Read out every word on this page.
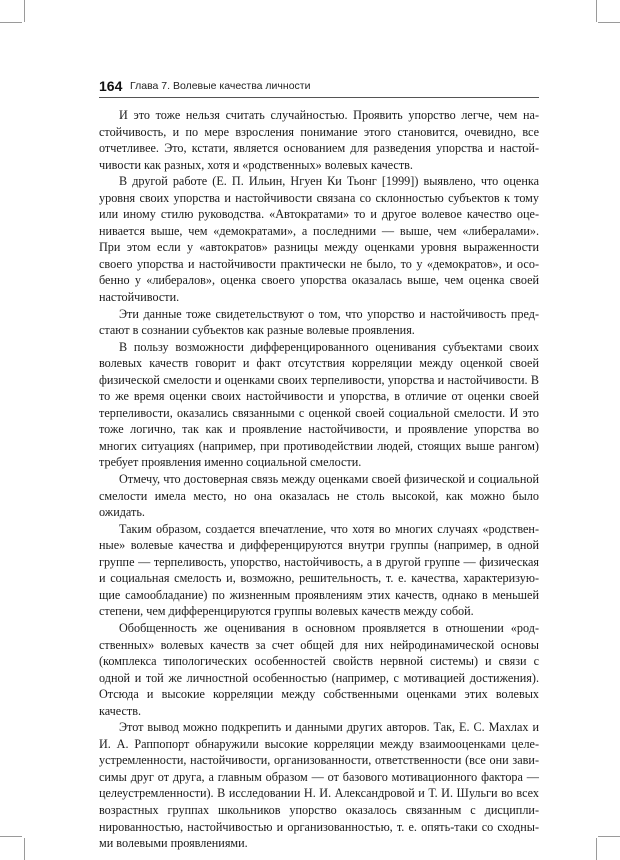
164 Глава 7. Волевые качества личности

И это тоже нельзя считать случайностью. Проявить упорство легче, чем настойчивость, и по мере взросления понимание этого становится, очевидно, все отчетливее. Это, кстати, является основанием для разведения упорства и настойчивости как разных, хотя и «родственных» волевых качеств.

В другой работе (Е. П. Ильин, Нгуен Ки Тьонг [1999]) выявлено, что оценка уровня своих упорства и настойчивости связана со склонностью субъектов к тому или иному стилю руководства. «Автократами» то и другое волевое качество оценивается выше, чем «демократами», а последними — выше, чем «либералами». При этом если у «автократов» разницы между оценками уровня выраженности своего упорства и настойчивости практически не было, то у «демократов», и особенно у «либералов», оценка своего упорства оказалась выше, чем оценка своей настойчивости.

Эти данные тоже свидетельствуют о том, что упорство и настойчивость предстают в сознании субъектов как разные волевые проявления.

В пользу возможности дифференцированного оценивания субъектами своих волевых качеств говорит и факт отсутствия корреляции между оценкой своей физической смелости и оценками своих терпеливости, упорства и настойчивости. В то же время оценки своих настойчивости и упорства, в отличие от оценки своей терпеливости, оказались связанными с оценкой своей социальной смелости. И это тоже логично, так как и проявление настойчивости, и проявление упорства во многих ситуациях (например, при противодействии людей, стоящих выше рангом) требует проявления именно социальной смелости.

Отмечу, что достоверная связь между оценками своей физической и социальной смелости имела место, но она оказалась не столь высокой, как можно было ожидать.

Таким образом, создается впечатление, что хотя во многих случаях «родственные» волевые качества и дифференцируются внутри группы (например, в одной группе — терпеливость, упорство, настойчивость, а в другой группе — физическая и социальная смелость и, возможно, решительность, т. е. качества, характеризующие самообладание) по жизненным проявлениям этих качеств, однако в меньшей степени, чем дифференцируются группы волевых качеств между собой.

Обобщенность же оценивания в основном проявляется в отношении «родственных» волевых качеств за счет общей для них нейродинамической основы (комплекса типологических особенностей свойств нервной системы) и связи с одной и той же личностной особенностью (например, с мотивацией достижения). Отсюда и высокие корреляции между собственными оценками этих волевых качеств.

Этот вывод можно подкрепить и данными других авторов. Так, Е. С. Махлах и И. А. Раппопорт обнаружили высокие корреляции между взаимооценками целеустремленности, настойчивости, организованности, ответственности (все они зависимы друг от друга, а главным образом — от базового мотивационного фактора — целеустремленности). В исследовании Н. И. Александровой и Т. И. Шульги во всех возрастных группах школьников упорство оказалось связанным с дисциплинированностью, настойчивостью и организованностью, т. е. опять-таки со сходными волевыми проявлениями.
